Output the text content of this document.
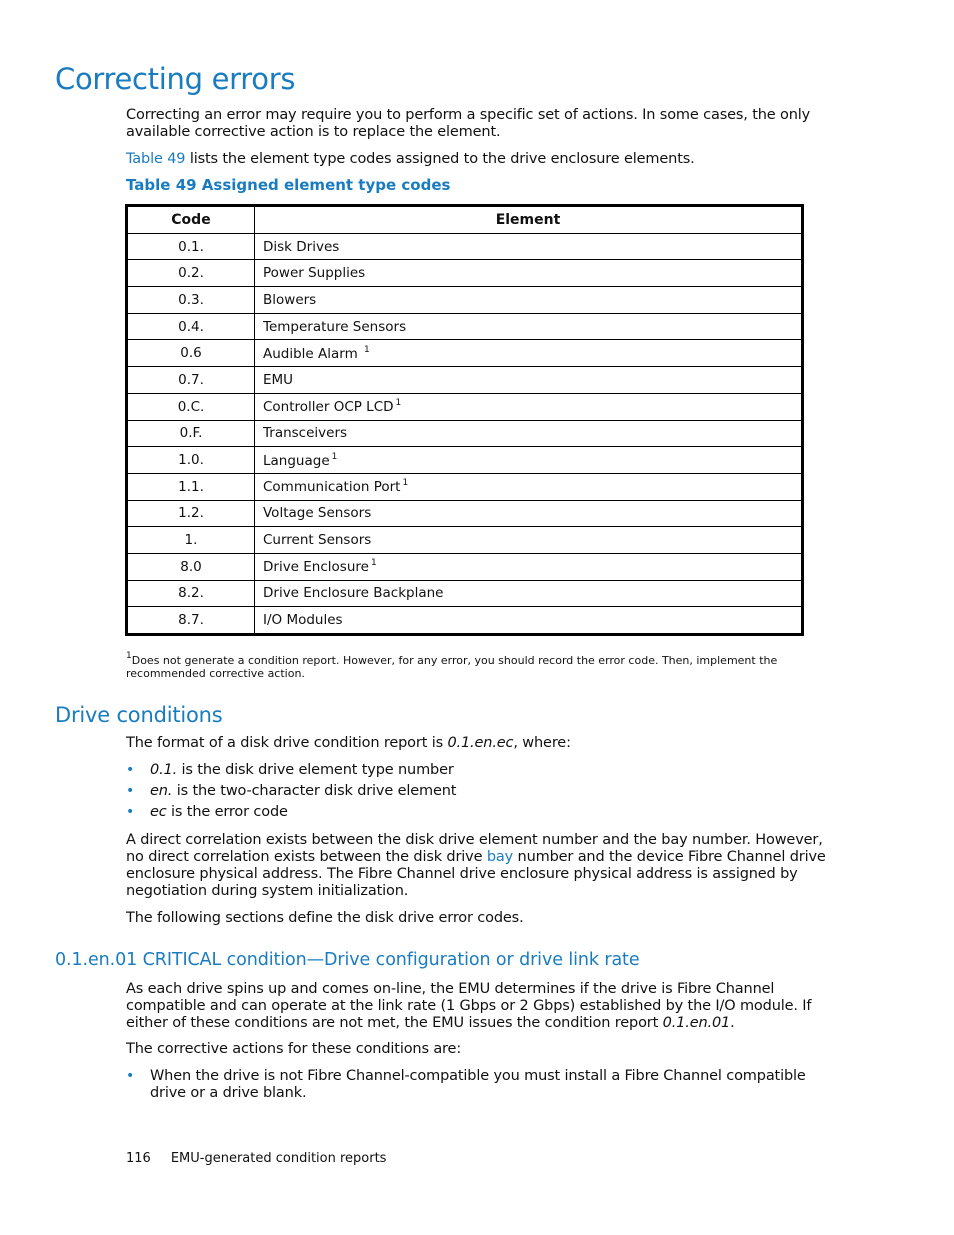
Correcting errors

Correcting an error may require you to perform a specific set of actions. In some cases, the only available corrective action is to replace the element.

Table 49 lists the element type codes assigned to the drive enclosure elements.

Table 49 Assigned element type codes

Code	Element
0.1.	Disk Drives
0.2.	Power Supplies
0.3.	Blowers
0.4.	Temperature Sensors
0.6	Audible Alarm $^1$
0.7.	EMU
0.C.	Controller OCP LCD $^1$
0.F.	Transceivers
1.0.	Language $^1$
1.1.	Communication Port $^1$
1.2.	Voltage Sensors
1.	Current Sensors
8.0	Drive Enclosure $^1$
8.2.	Drive Enclosure Backplane
8.7.	I/O Modules

$^1$Does not generate a condition report. However, for any error, you should record the error code. Then, implement the recommended corrective action.

Drive conditions

The format of a disk drive condition report is 0.1.en.ec, where:

• 0.1. is the disk drive element type number
• en. is the two-character disk drive element
• ec is the error code

A direct correlation exists between the disk drive element number and the bay number. However, no direct correlation exists between the disk drive bay number and the device Fibre Channel drive enclosure physical address. The Fibre Channel drive enclosure physical address is assigned by negotiation during system initialization.

The following sections define the disk drive error codes.

0.1.en.01 CRITICAL condition—Drive configuration or drive link rate

As each drive spins up and comes on-line, the EMU determines if the drive is Fibre Channel compatible and can operate at the link rate (1 Gbps or 2 Gbps) established by the I/O module. If either of these conditions are not met, the EMU issues the condition report 0.1.en.01.

The corrective actions for these conditions are:

• When the drive is not Fibre Channel-compatible you must install a Fibre Channel compatible drive or a drive blank.

116 EMU-generated condition reports
